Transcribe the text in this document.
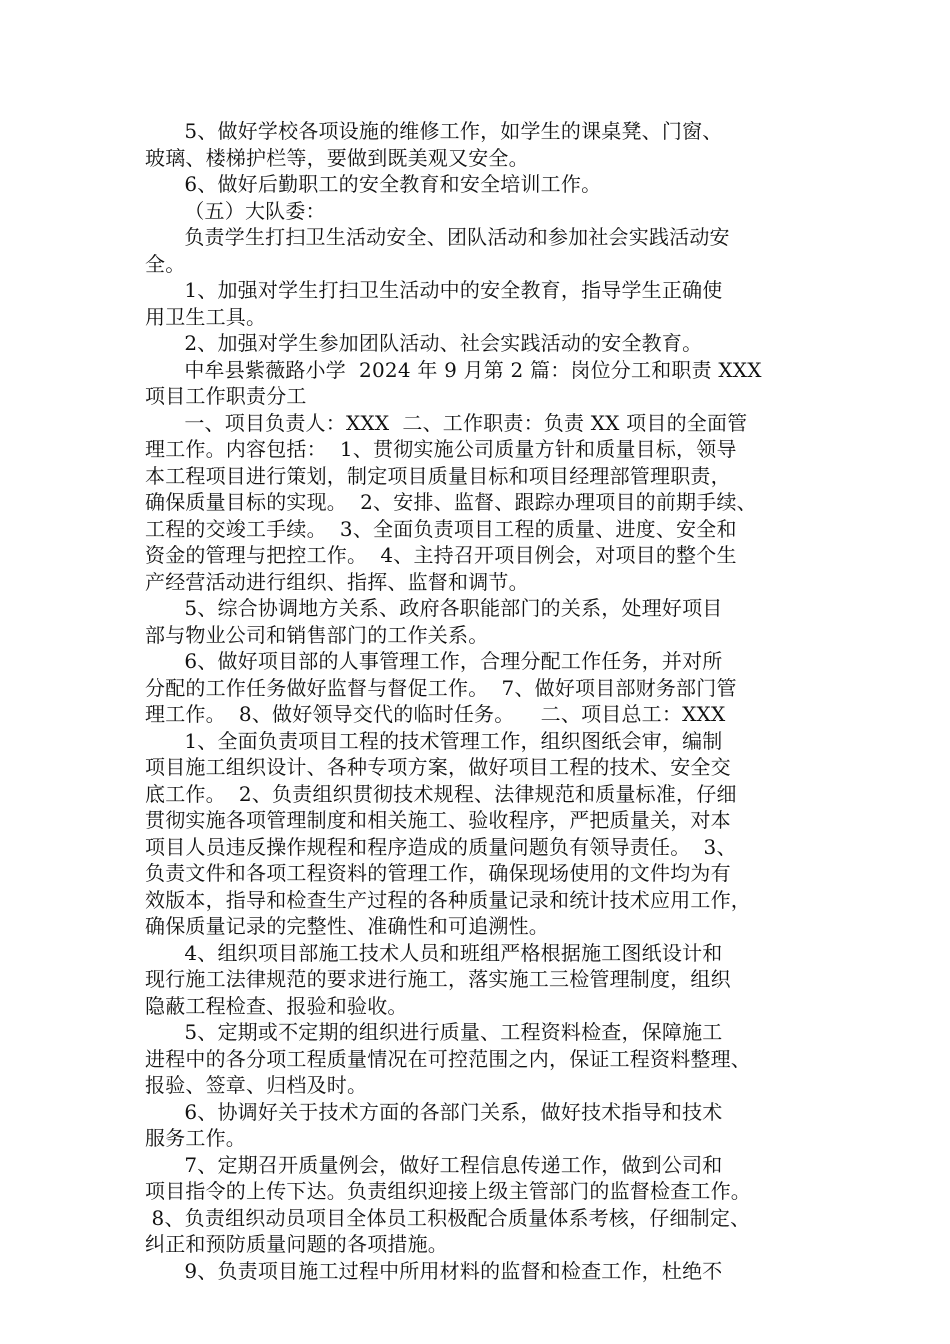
5、做好学校各项设施的维修工作，如学生的课桌凳、门窗、
玻璃、楼梯护栏等，要做到既美观又安全。
6、做好后勤职工的安全教育和安全培训工作。
（五）大队委：
负责学生打扫卫生活动安全、团队活动和参加社会实践活动安
全。
1、加强对学生打扫卫生活动中的安全教育，指导学生正确使
用卫生工具。
2、加强对学生参加团队活动、社会实践活动的安全教育。
中牟县紫薇路小学  2024 年 9 月第 2 篇：岗位分工和职责 XXX
项目工作职责分工
一、项目负责人：XXX  二、工作职责：负责 XX 项目的全面管
理工作。内容包括：  1、贯彻实施公司质量方针和质量目标，领导
本工程项目进行策划，制定项目质量目标和项目经理部管理职责，
确保质量目标的实现。  2、安排、监督、跟踪办理项目的前期手续、
工程的交竣工手续。  3、全面负责项目工程的质量、进度、安全和
资金的管理与把控工作。  4、主持召开项目例会，对项目的整个生
产经营活动进行组织、指挥、监督和调节。
5、综合协调地方关系、政府各职能部门的关系，处理好项目
部与物业公司和销售部门的工作关系。
6、做好项目部的人事管理工作，合理分配工作任务，并对所
分配的工作任务做好监督与督促工作。  7、做好项目部财务部门管
理工作。  8、做好领导交代的临时任务。    二、项目总工：XXX
1、全面负责项目工程的技术管理工作，组织图纸会审，编制
项目施工组织设计、各种专项方案，做好项目工程的技术、安全交
底工作。  2、负责组织贯彻技术规程、法律规范和质量标准，仔细
贯彻实施各项管理制度和相关施工、验收程序，严把质量关，对本
项目人员违反操作规程和程序造成的质量问题负有领导责任。  3、
负责文件和各项工程资料的管理工作，确保现场使用的文件均为有
效版本，指导和检查生产过程的各种质量记录和统计技术应用工作，
确保质量记录的完整性、准确性和可追溯性。
4、组织项目部施工技术人员和班组严格根据施工图纸设计和
现行施工法律规范的要求进行施工，落实施工三检管理制度，组织
隐蔽工程检查、报验和验收。
5、定期或不定期的组织进行质量、工程资料检查，保障施工
进程中的各分项工程质量情况在可控范围之内，保证工程资料整理、
报验、签章、归档及时。
6、协调好关于技术方面的各部门关系，做好技术指导和技术
服务工作。
7、定期召开质量例会，做好工程信息传递工作，做到公司和
项目指令的上传下达。负责组织迎接上级主管部门的监督检查工作。
8、负责组织动员项目全体员工积极配合质量体系考核，仔细制定、
纠正和预防质量问题的各项措施。
9、负责项目施工过程中所用材料的监督和检查工作，杜绝不
